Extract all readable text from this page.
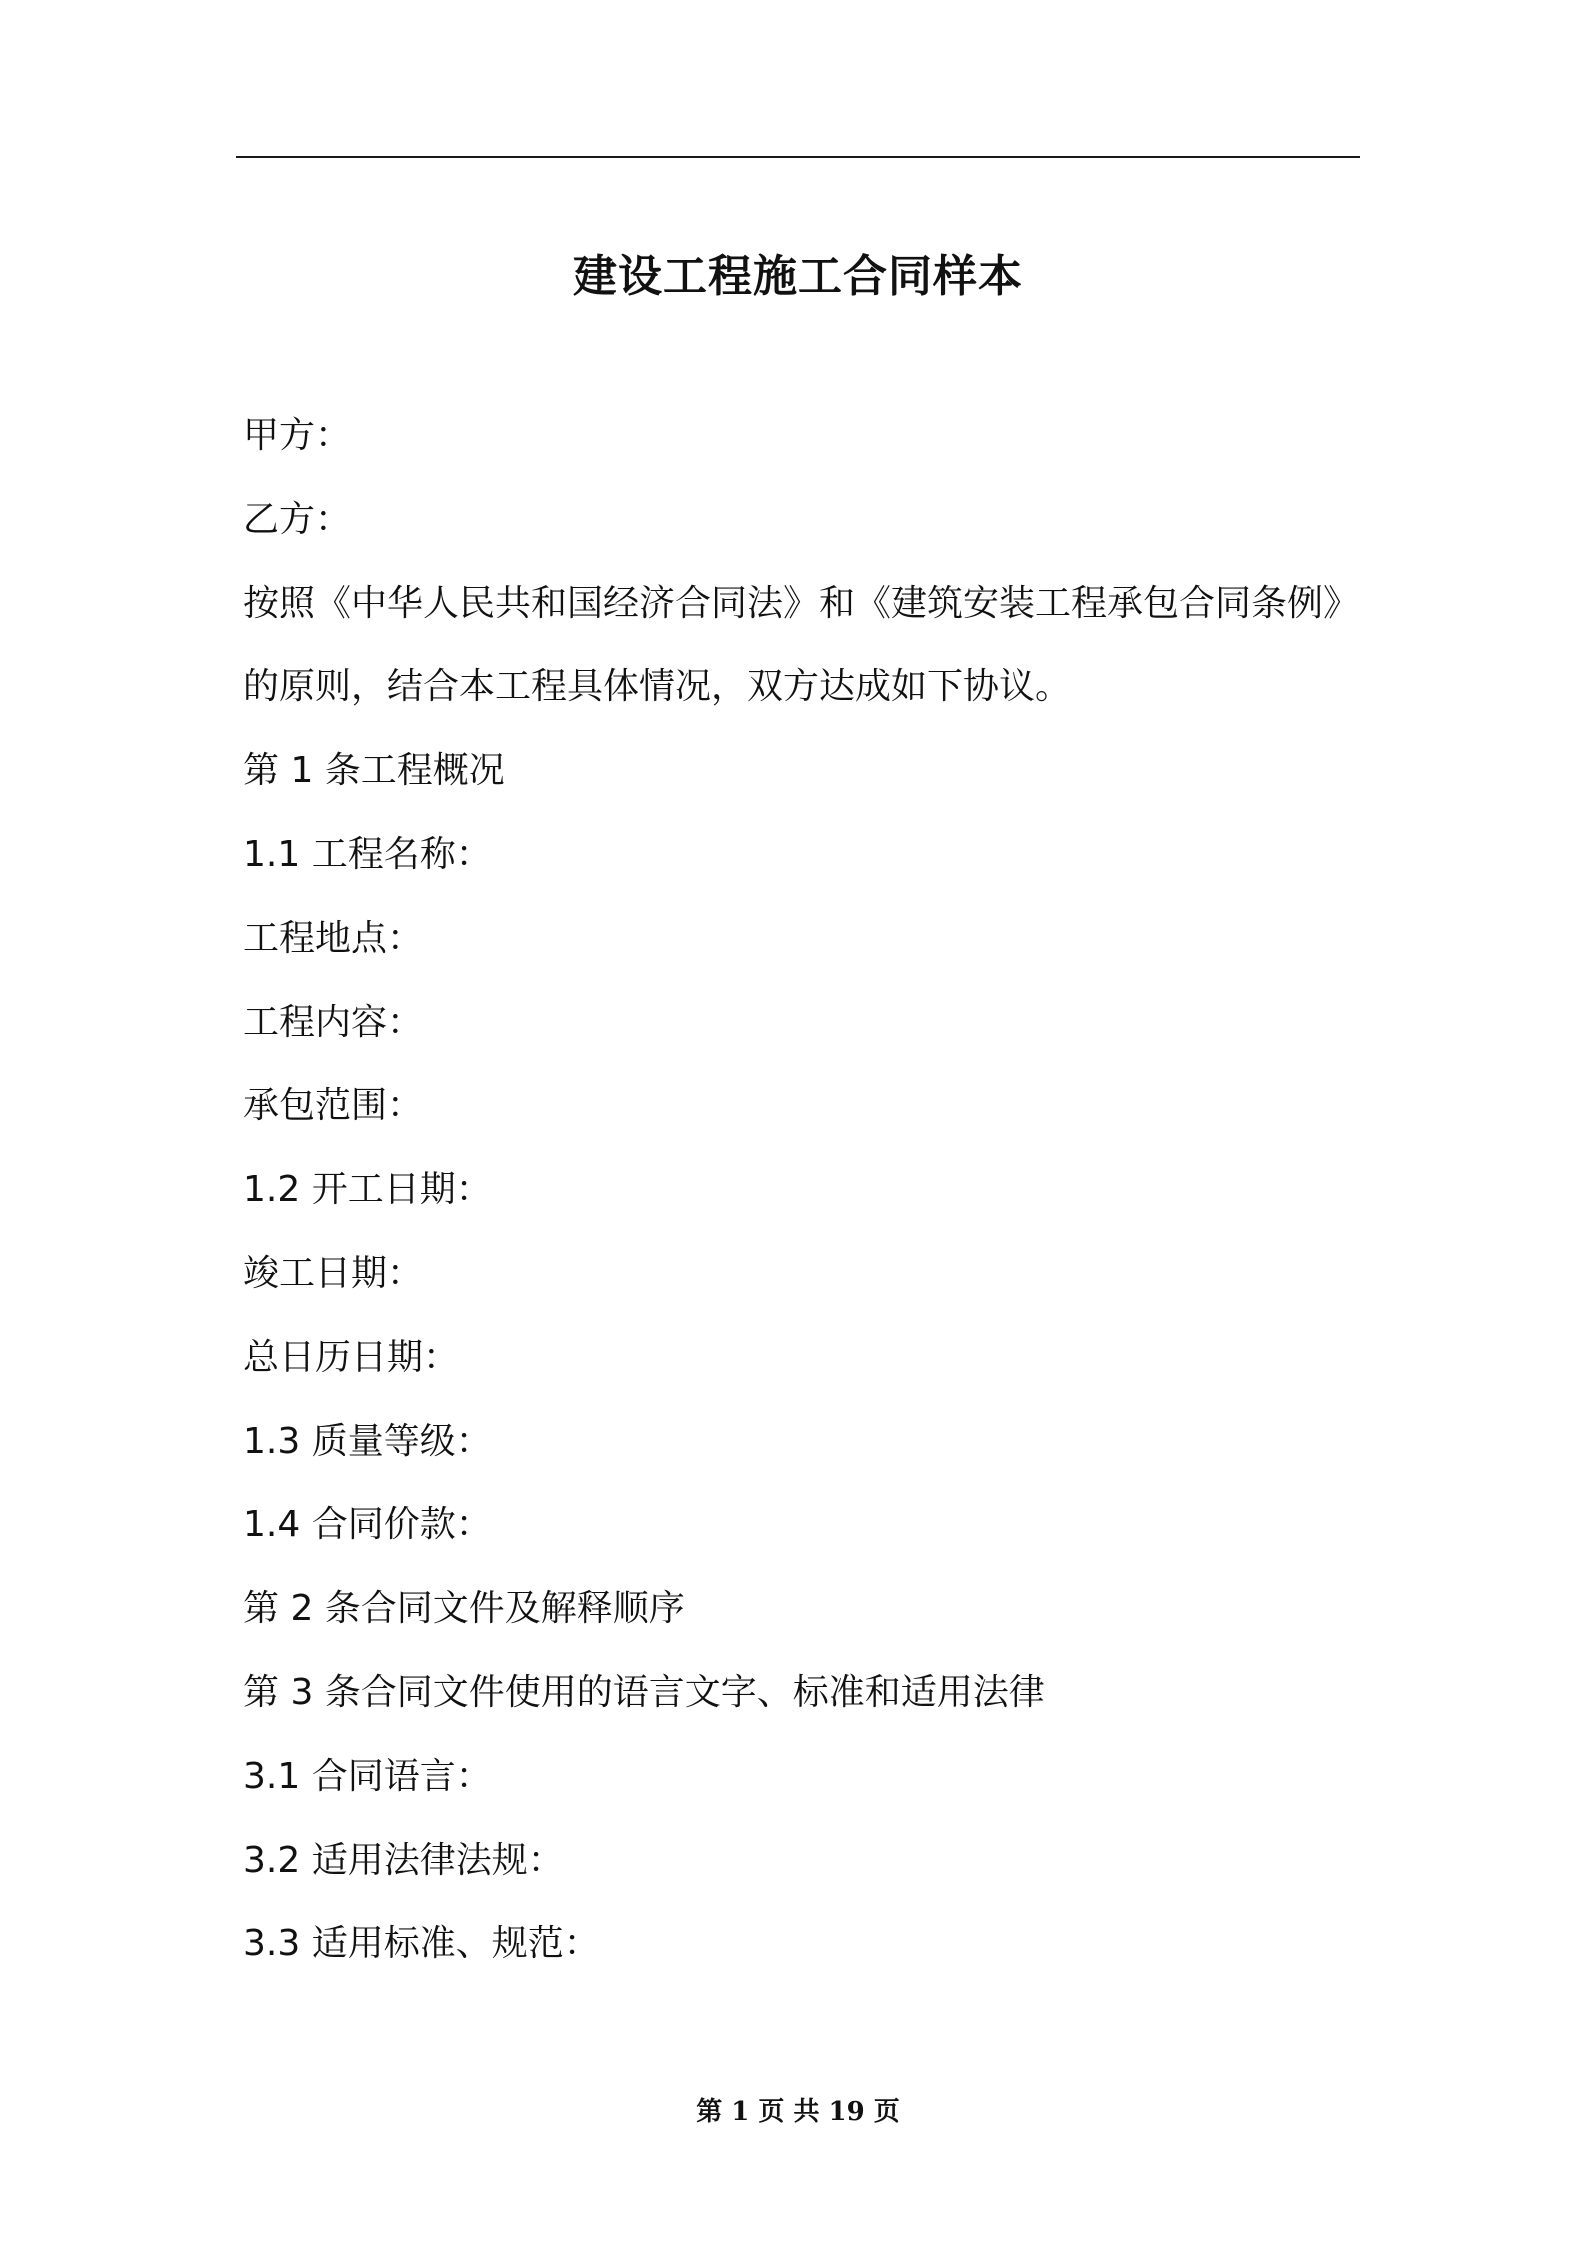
建设工程施工合同样本
甲方：
乙方：
按照《中华人民共和国经济合同法》和《建筑安装工程承包合同条例》
的原则，结合本工程具体情况，双方达成如下协议。
第 1 条工程概况
1.1 工程名称：
工程地点：
工程内容：
承包范围：
1.2 开工日期：
竣工日期：
总日历日期：
1.3 质量等级：
1.4 合同价款：
第 2 条合同文件及解释顺序
第 3 条合同文件使用的语言文字、标准和适用法律
3.1 合同语言：
3.2 适用法律法规：
3.3 适用标准、规范：
第 1 页 共 19 页
